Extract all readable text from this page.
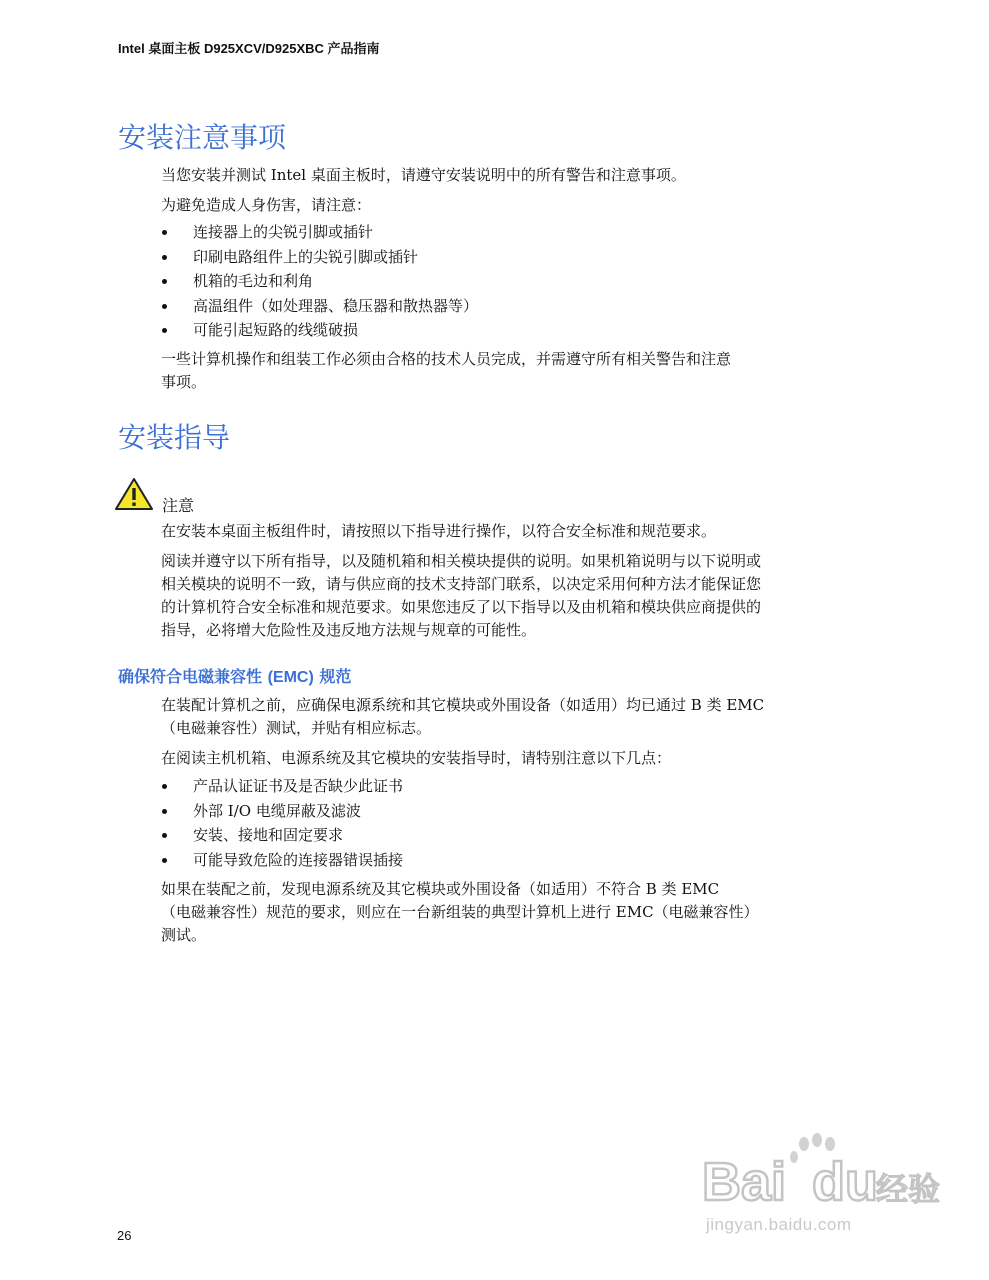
Intel 桌面主板 D925XCV/D925XBC 产品指南
安装注意事项

当您安装并测试 Intel 桌面主板时，请遵守安装说明中的所有警告和注意事项。

为避免造成人身伤害，请注意：

连接器上的尖锐引脚或插针
印刷电路组件上的尖锐引脚或插针
机箱的毛边和利角
高温组件（如处理器、稳压器和散热器等）
可能引起短路的线缆破损

一些计算机操作和组装工作必须由合格的技术人员完成，并需遵守所有相关警告和注意
事项。

安装指导
注意

在安装本桌面主板组件时，请按照以下指导进行操作，以符合安全标准和规范要求。

阅读并遵守以下所有指导，以及随机箱和相关模块提供的说明。如果机箱说明与以下说明或
相关模块的说明不一致，请与供应商的技术支持部门联系，以决定采用何种方法才能保证您
的计算机符合安全标准和规范要求。如果您违反了以下指导以及由机箱和模块供应商提供的
指导，必将增大危险性及违反地方法规与规章的可能性。

确保符合电磁兼容性 (EMC) 规范

在装配计算机之前，应确保电源系统和其它模块或外围设备（如适用）均已通过 B 类 EMC
（电磁兼容性）测试，并贴有相应标志。

在阅读主机机箱、电源系统及其它模块的安装指导时，请特别注意以下几点：

产品认证证书及是否缺少此证书
外部 I/O 电缆屏蔽及滤波
安装、接地和固定要求
可能导致危险的连接器错误插接

如果在装配之前，发现电源系统及其它模块或外围设备（如适用）不符合 B 类 EMC
（电磁兼容性）规范的要求，则应在一台新组装的典型计算机上进行 EMC（电磁兼容性）
测试。

26
Bai du
经验
jingyan.baidu.com
